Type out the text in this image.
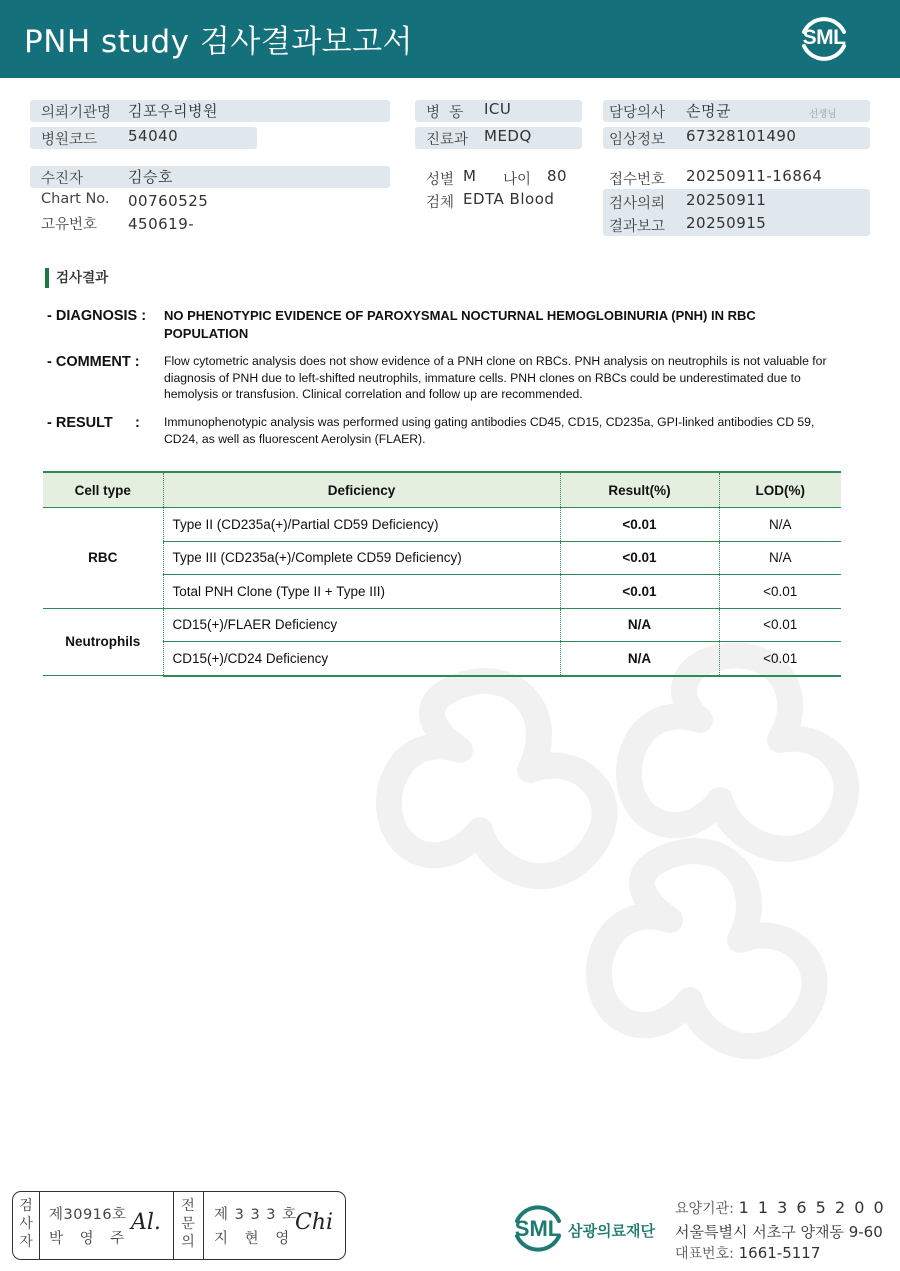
PNH study 검사결과보고서	SML
의뢰기관명 김포우리병원
병원코드 54040
병  동 ICU
진료과 MEDQ
담당의사 손명균	선생님
임상정보 67328101490
수진자	김승호
Chart No. 00760525
고유번호 450619-
성별 M 나이 80
검체 EDTA Blood
접수번호 20250911-16864
검사의뢰 20250911
결과보고 20250915
검사결과
- DIAGNOSIS : NO PHENOTYPIC EVIDENCE OF PAROXYSMAL NOCTURNAL HEMOGLOBINURIA (PNH) IN RBC POPULATION
- COMMENT : Flow cytometric analysis does not show evidence of a PNH clone on RBCs. PNH analysis on neutrophils is not valuable for diagnosis of PNH due to left-shifted neutrophils, immature cells. PNH clones on RBCs could be underestimated due to hemolysis or transfusion. Clinical correlation and follow up are recommended.
- RESULT : Immunophenotypic analysis was performed using gating antibodies CD45, CD15, CD235a, GPI-linked antibodies CD 59, CD24, as well as fluorescent Aerolysin (FLAER).
Cell type	Deficiency	Result(%)	LOD(%)
RBC	Type II (CD235a(+)/Partial CD59 Deficiency)	<0.01	N/A
	Type III (CD235a(+)/Complete CD59 Deficiency)	<0.01	N/A
	Total PNH Clone (Type II + Type III)	<0.01	<0.01
Neutrophils	CD15(+)/FLAER Deficiency	N/A	<0.01
	CD15(+)/CD24 Deficiency	N/A	<0.01
검
사
자
제30916호
박 영 주
Al.
전
문
의
제 3 3 3 호
지 현 영
Chi	SML 삼광의료재단
요양기관: 1 1 3 6 5 2 0 0
서울특별시 서초구 양재동 9-60
대표번호: 1661-5117
